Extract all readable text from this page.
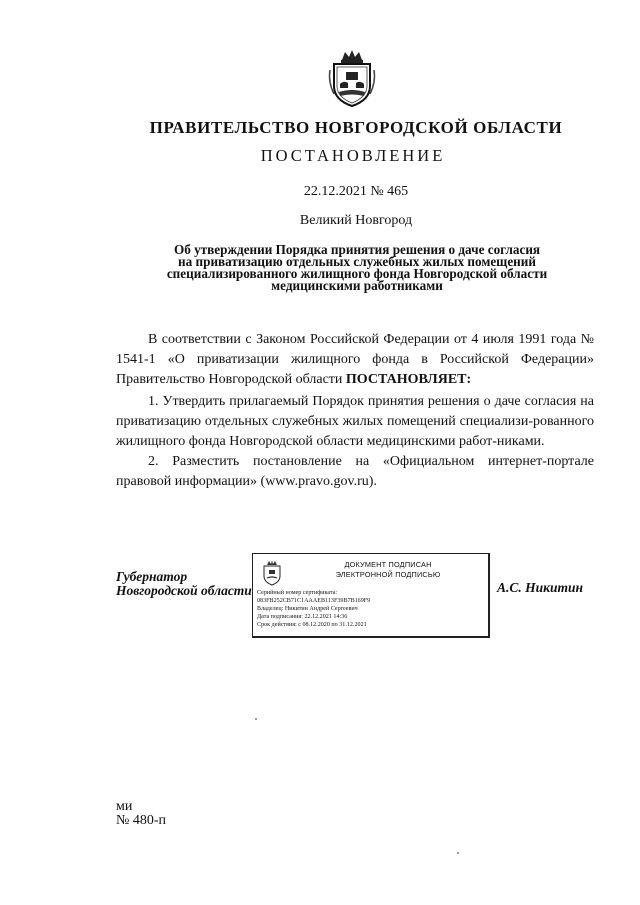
ПРАВИТЕЛЬСТВО НОВГОРОДСКОЙ ОБЛАСТИ
ПОСТАНОВЛЕНИЕ
22.12.2021 № 465
Великий Новгород
Об утверждении Порядка принятия решения о даче согласия
на приватизацию отдельных служебных жилых помещений
специализированного жилищного фонда Новгородской области
медицинскими работниками

В соответствии с Законом Российской Федерации от 4 июля 1991 года № 1541-1 «О приватизации жилищного фонда в Российской Федерации» Правительство Новгородской области ПОСТАНОВЛЯЕТ:

1. Утвердить прилагаемый Порядок принятия решения о даче согласия на приватизацию отдельных служебных жилых помещений специализи-рованного жилищного фонда Новгородской области медицинскими работ-никами.

2. Разместить постановление на «Официальном интернет-портале правовой информации» (www.pravo.gov.ru).

Губернатор
Новгородской области
ДОКУМЕНТ ПОДПИСАН
ЭЛЕКТРОННОЙ ПОДПИСЬЮ
Серийный номер сертификата:
083FB252CB71C1AAAEB113F39B7B169F9
Владелец: Никитин Андрей Сергеевич
Дата подписания: 22.12.2021 14:36
Срок действия: с 08.12.2020 по 31.12.2021
А.С. Никитин
ми
№ 480-п
